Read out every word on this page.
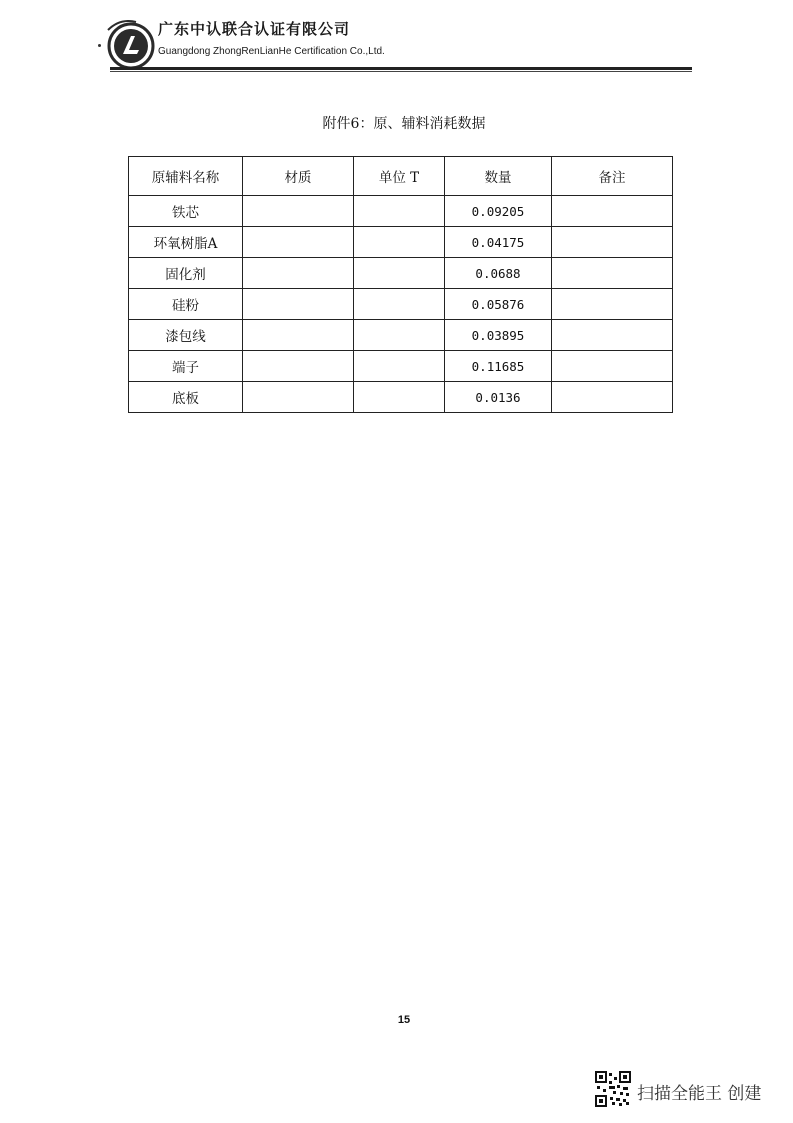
广东中认联合认证有限公司
Guangdong ZhongRenLianHe Certification Co.,Ltd.
附件6：原、辅料消耗数据
原辅料名称	材质	单位 T	数量	备注
铁芯			0.09205	
环氧树脂A			0.04175	
固化剂			0.0688	
硅粉			0.05876	
漆包线			0.03895	
端子			0.11685	
底板			0.0136	
15
扫描全能王 创建
